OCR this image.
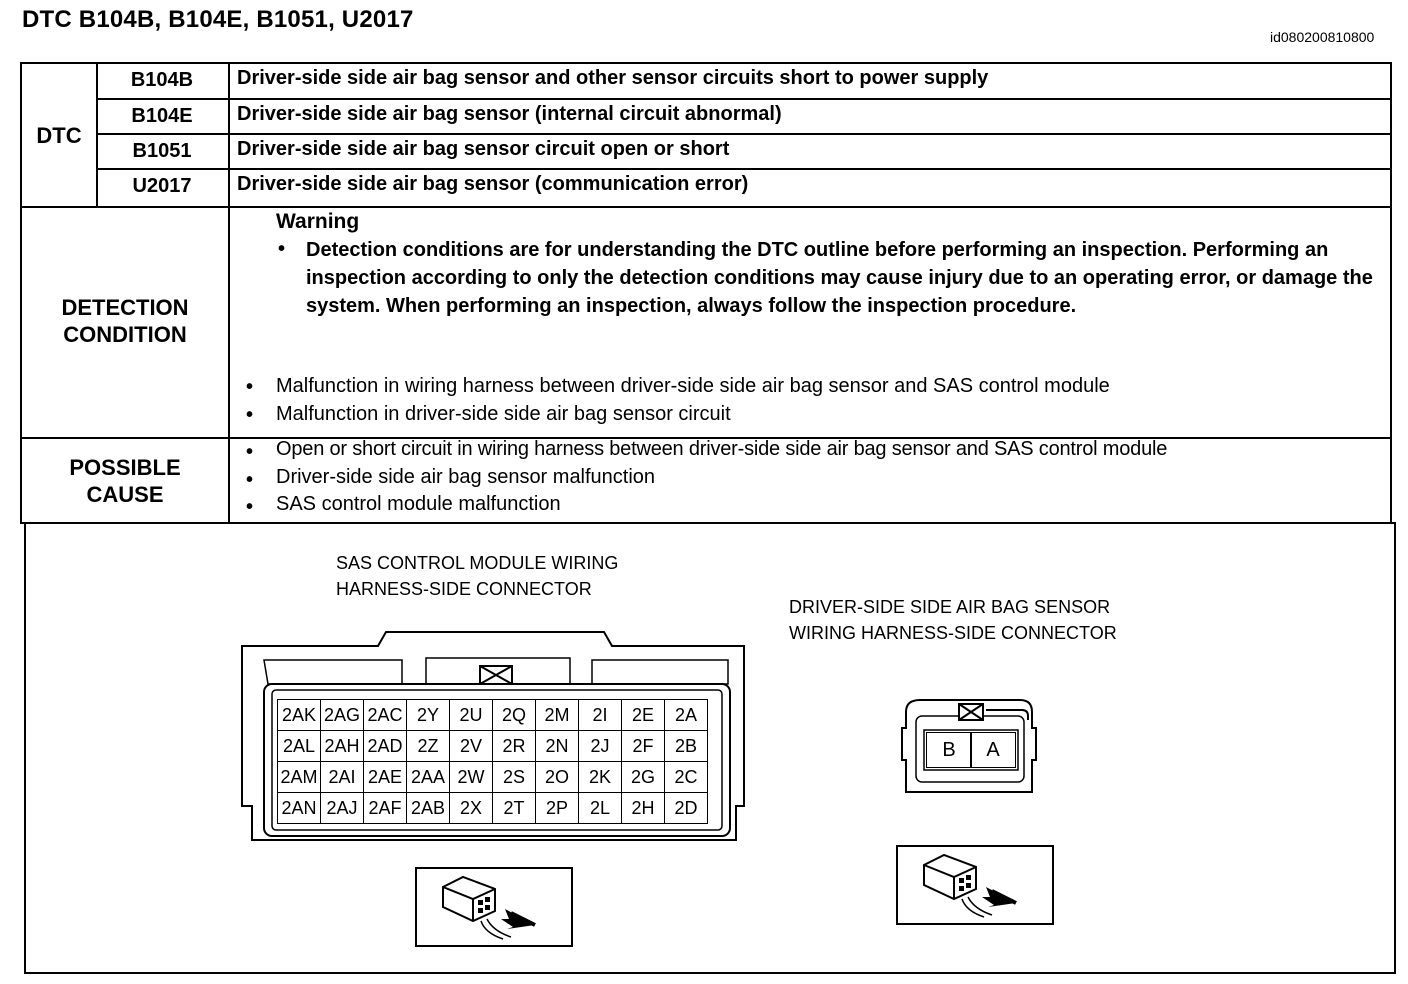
DTC B104B, B104E, B1051, U2017
id080200810800
DTC
B104B	Driver-side side air bag sensor and other sensor circuits short to power supply
B104E	Driver-side side air bag sensor (internal circuit abnormal)
B1051	Driver-side side air bag sensor circuit open or short
U2017	Driver-side side air bag sensor (communication error)
DETECTION
CONDITION
Warning
• Detection conditions are for understanding the DTC outline before performing an inspection. Performing an inspection according to only the detection conditions may cause injury due to an operating error, or damage the system. When performing an inspection, always follow the inspection procedure.
• Malfunction in wiring harness between driver-side side air bag sensor and SAS control module
• Malfunction in driver-side side air bag sensor circuit
POSSIBLE
CAUSE
• Open or short circuit in wiring harness between driver-side side air bag sensor and SAS control module
• Driver-side side air bag sensor malfunction
• SAS control module malfunction
SAS CONTROL MODULE WIRING
HARNESS-SIDE CONNECTOR
DRIVER-SIDE SIDE AIR BAG SENSOR
WIRING HARNESS-SIDE CONNECTOR
2AK	2AG	2AC	2Y	2U	2Q	2M	2I	2E	2A
2AL	2AH	2AD	2Z	2V	2R	2N	2J	2F	2B
2AM	2AI	2AE	2AA	2W	2S	2O	2K	2G	2C
2AN	2AJ	2AF	2AB	2X	2T	2P	2L	2H	2D
B	A
